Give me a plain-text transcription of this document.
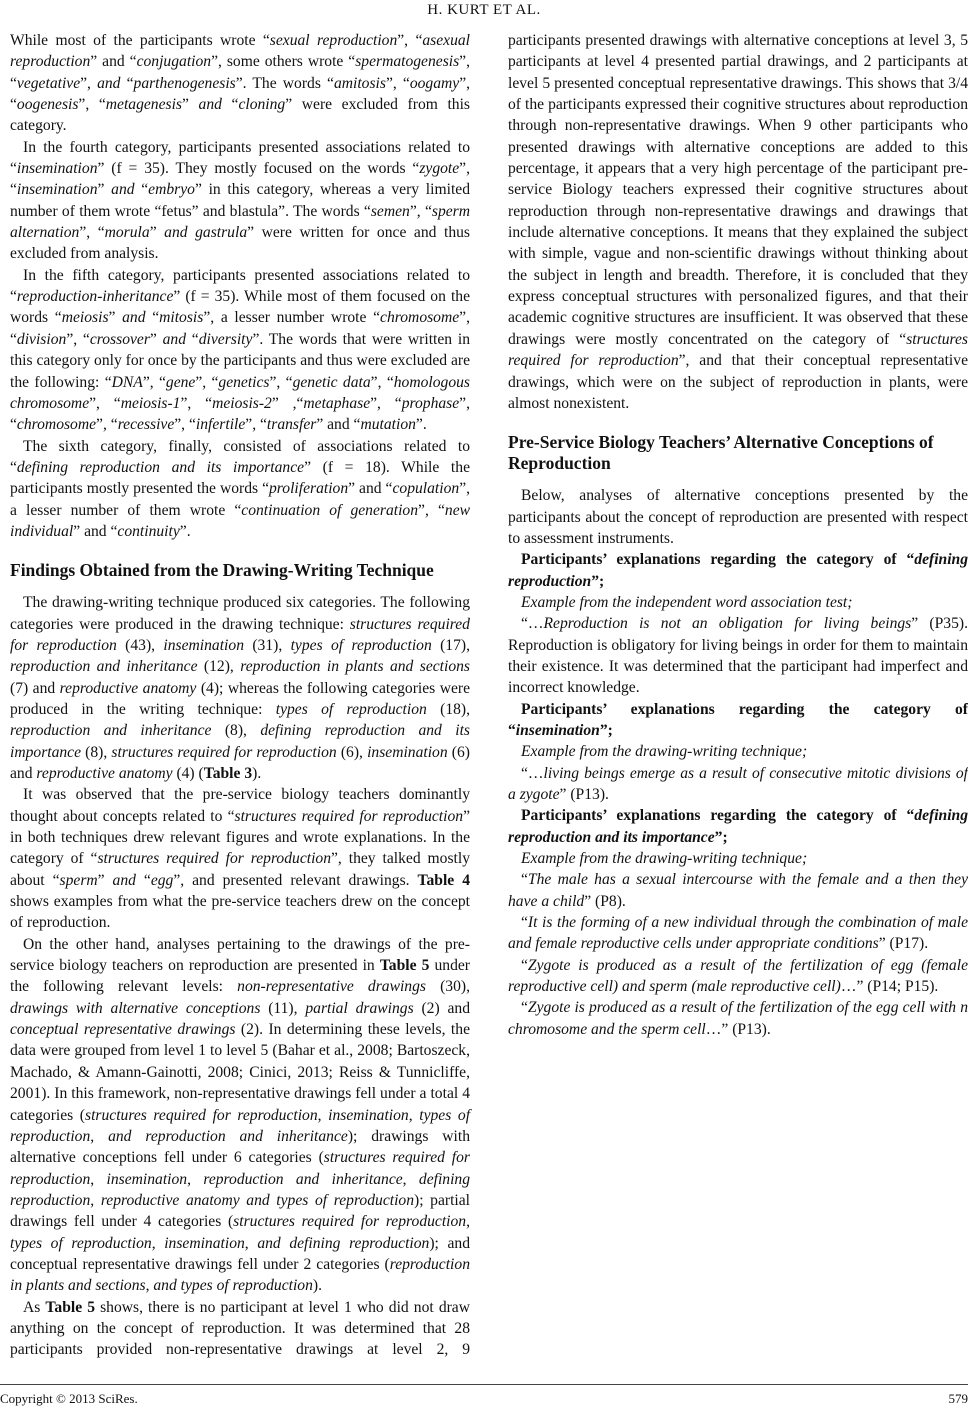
H. KURT ET AL.

While most of the participants wrote “sexual reproduction”, “asexual reproduction” and “conjugation”, some others wrote “spermatogenesis”, “vegetative”, and “parthenogenesis”. The words “amitosis”, “oogamy”, “oogenesis”, “metagenesis” and “cloning” were excluded from this category.

In the fourth category, participants presented associations related to “insemination” (f = 35). They mostly focused on the words “zygote”, “insemination” and “embryo” in this category, whereas a very limited number of them wrote “fetus” and blastula”. The words “semen”, “sperm alternation”, “morula” and gastrula” were written for once and thus excluded from analysis.

In the fifth category, participants presented associations related to “reproduction-inheritance” (f = 35). While most of them focused on the words “meiosis” and “mitosis”, a lesser number wrote “chromosome”, “division”, “crossover” and “diversity”. The words that were written in this category only for once by the participants and thus were excluded are the following: “DNA”, “gene”, “genetics”, “genetic data”, “homologous chromosome”, “meiosis-1”, “meiosis-2” ,“metaphase”, “prophase”, “chromosome”, “recessive”, “infertile”, “transfer” and “mutation”.

The sixth category, finally, consisted of associations related to “defining reproduction and its importance” (f = 18). While the participants mostly presented the words “proliferation” and “copulation”, a lesser number of them wrote “continuation of generation”, “new individual” and “continuity”.

Findings Obtained from the Drawing-Writing Technique

The drawing-writing technique produced six categories. The following categories were produced in the drawing technique: structures required for reproduction (43), insemination (31), types of reproduction (17), reproduction and inheritance (12), reproduction in plants and sections (7) and reproductive anatomy (4); whereas the following categories were produced in the writing technique: types of reproduction (18), reproduction and inheritance (8), defining reproduction and its importance (8), structures required for reproduction (6), insemination (6) and reproductive anatomy (4) (Table 3).

It was observed that the pre-service biology teachers dominantly thought about concepts related to “structures required for reproduction” in both techniques drew relevant figures and wrote explanations. In the category of “structures required for reproduction”, they talked mostly about “sperm” and “egg”, and presented relevant drawings. Table 4 shows examples from what the pre-service teachers drew on the concept of reproduction.

On the other hand, analyses pertaining to the drawings of the pre-service biology teachers on reproduction are presented in Table 5 under the following relevant levels: non-representative drawings (30), drawings with alternative conceptions (11), partial drawings (2) and conceptual representative drawings (2). In determining these levels, the data were grouped from level 1 to level 5 (Bahar et al., 2008; Bartoszeck, Machado, & Amann-Gainotti, 2008; Cinici, 2013; Reiss & Tunnicliffe, 2001). In this framework, non-representative drawings fell under a total 4 categories (structures required for reproduction, insemination, types of reproduction, and reproduction and inheritance); drawings with alternative conceptions fell under 6 categories (structures required for reproduction, insemination, reproduction and inheritance, defining reproduction, reproductive anatomy and types of reproduction); partial drawings fell under 4 categories (structures required for reproduction, types of reproduction, insemination, and defining reproduction); and conceptual representative drawings fell under 2 categories (reproduction in plants and sections, and types of reproduction).

As Table 5 shows, there is no participant at level 1 who did not draw anything on the concept of reproduction. It was determined that 28 participants provided non-representative drawings at level 2, 9 participants presented drawings with alternative conceptions at level 3, 5 participants at level 4 presented partial drawings, and 2 participants at level 5 presented conceptual representative drawings. This shows that 3/4 of the participants expressed their cognitive structures about reproduction through non-representative drawings. When 9 other participants who presented drawings with alternative conceptions are added to this percentage, it appears that a very high percentage of the participant pre-service Biology teachers expressed their cognitive structures about reproduction through non-representative drawings and drawings that include alternative conceptions. It means that they explained the subject with simple, vague and non-scientific drawings without thinking about the subject in length and breadth. Therefore, it is concluded that they express conceptual structures with personalized figures, and that their academic cognitive structures are insufficient. It was observed that these drawings were mostly concentrated on the category of “structures required for reproduction”, and that their conceptual representative drawings, which were on the subject of reproduction in plants, were almost nonexistent.

Pre-Service Biology Teachers’ Alternative Conceptions of Reproduction

Below, analyses of alternative conceptions presented by the participants about the concept of reproduction are presented with respect to assessment instruments.

Participants’ explanations regarding the category of “defining reproduction”;

Example from the independent word association test;

“…Reproduction is not an obligation for living beings” (P35). Reproduction is obligatory for living beings in order for them to maintain their existence. It was determined that the participant had imperfect and incorrect knowledge.

Participants’ explanations regarding the category of “insemination”;

Example from the drawing-writing technique;

“…living beings emerge as a result of consecutive mitotic divisions of a zygote” (P13).

Participants’ explanations regarding the category of “defining reproduction and its importance”;

Example from the drawing-writing technique;

“The male has a sexual intercourse with the female and a then they have a child” (P8).

“It is the forming of a new individual through the combination of male and female reproductive cells under appropriate conditions” (P17).

“Zygote is produced as a result of the fertilization of egg (female reproductive cell) and sperm (male reproductive cell)…” (P14; P15).

“Zygote is produced as a result of the fertilization of the egg cell with n chromosome and the sperm cell…” (P13).

Copyright © 2013 SciRes.	579
